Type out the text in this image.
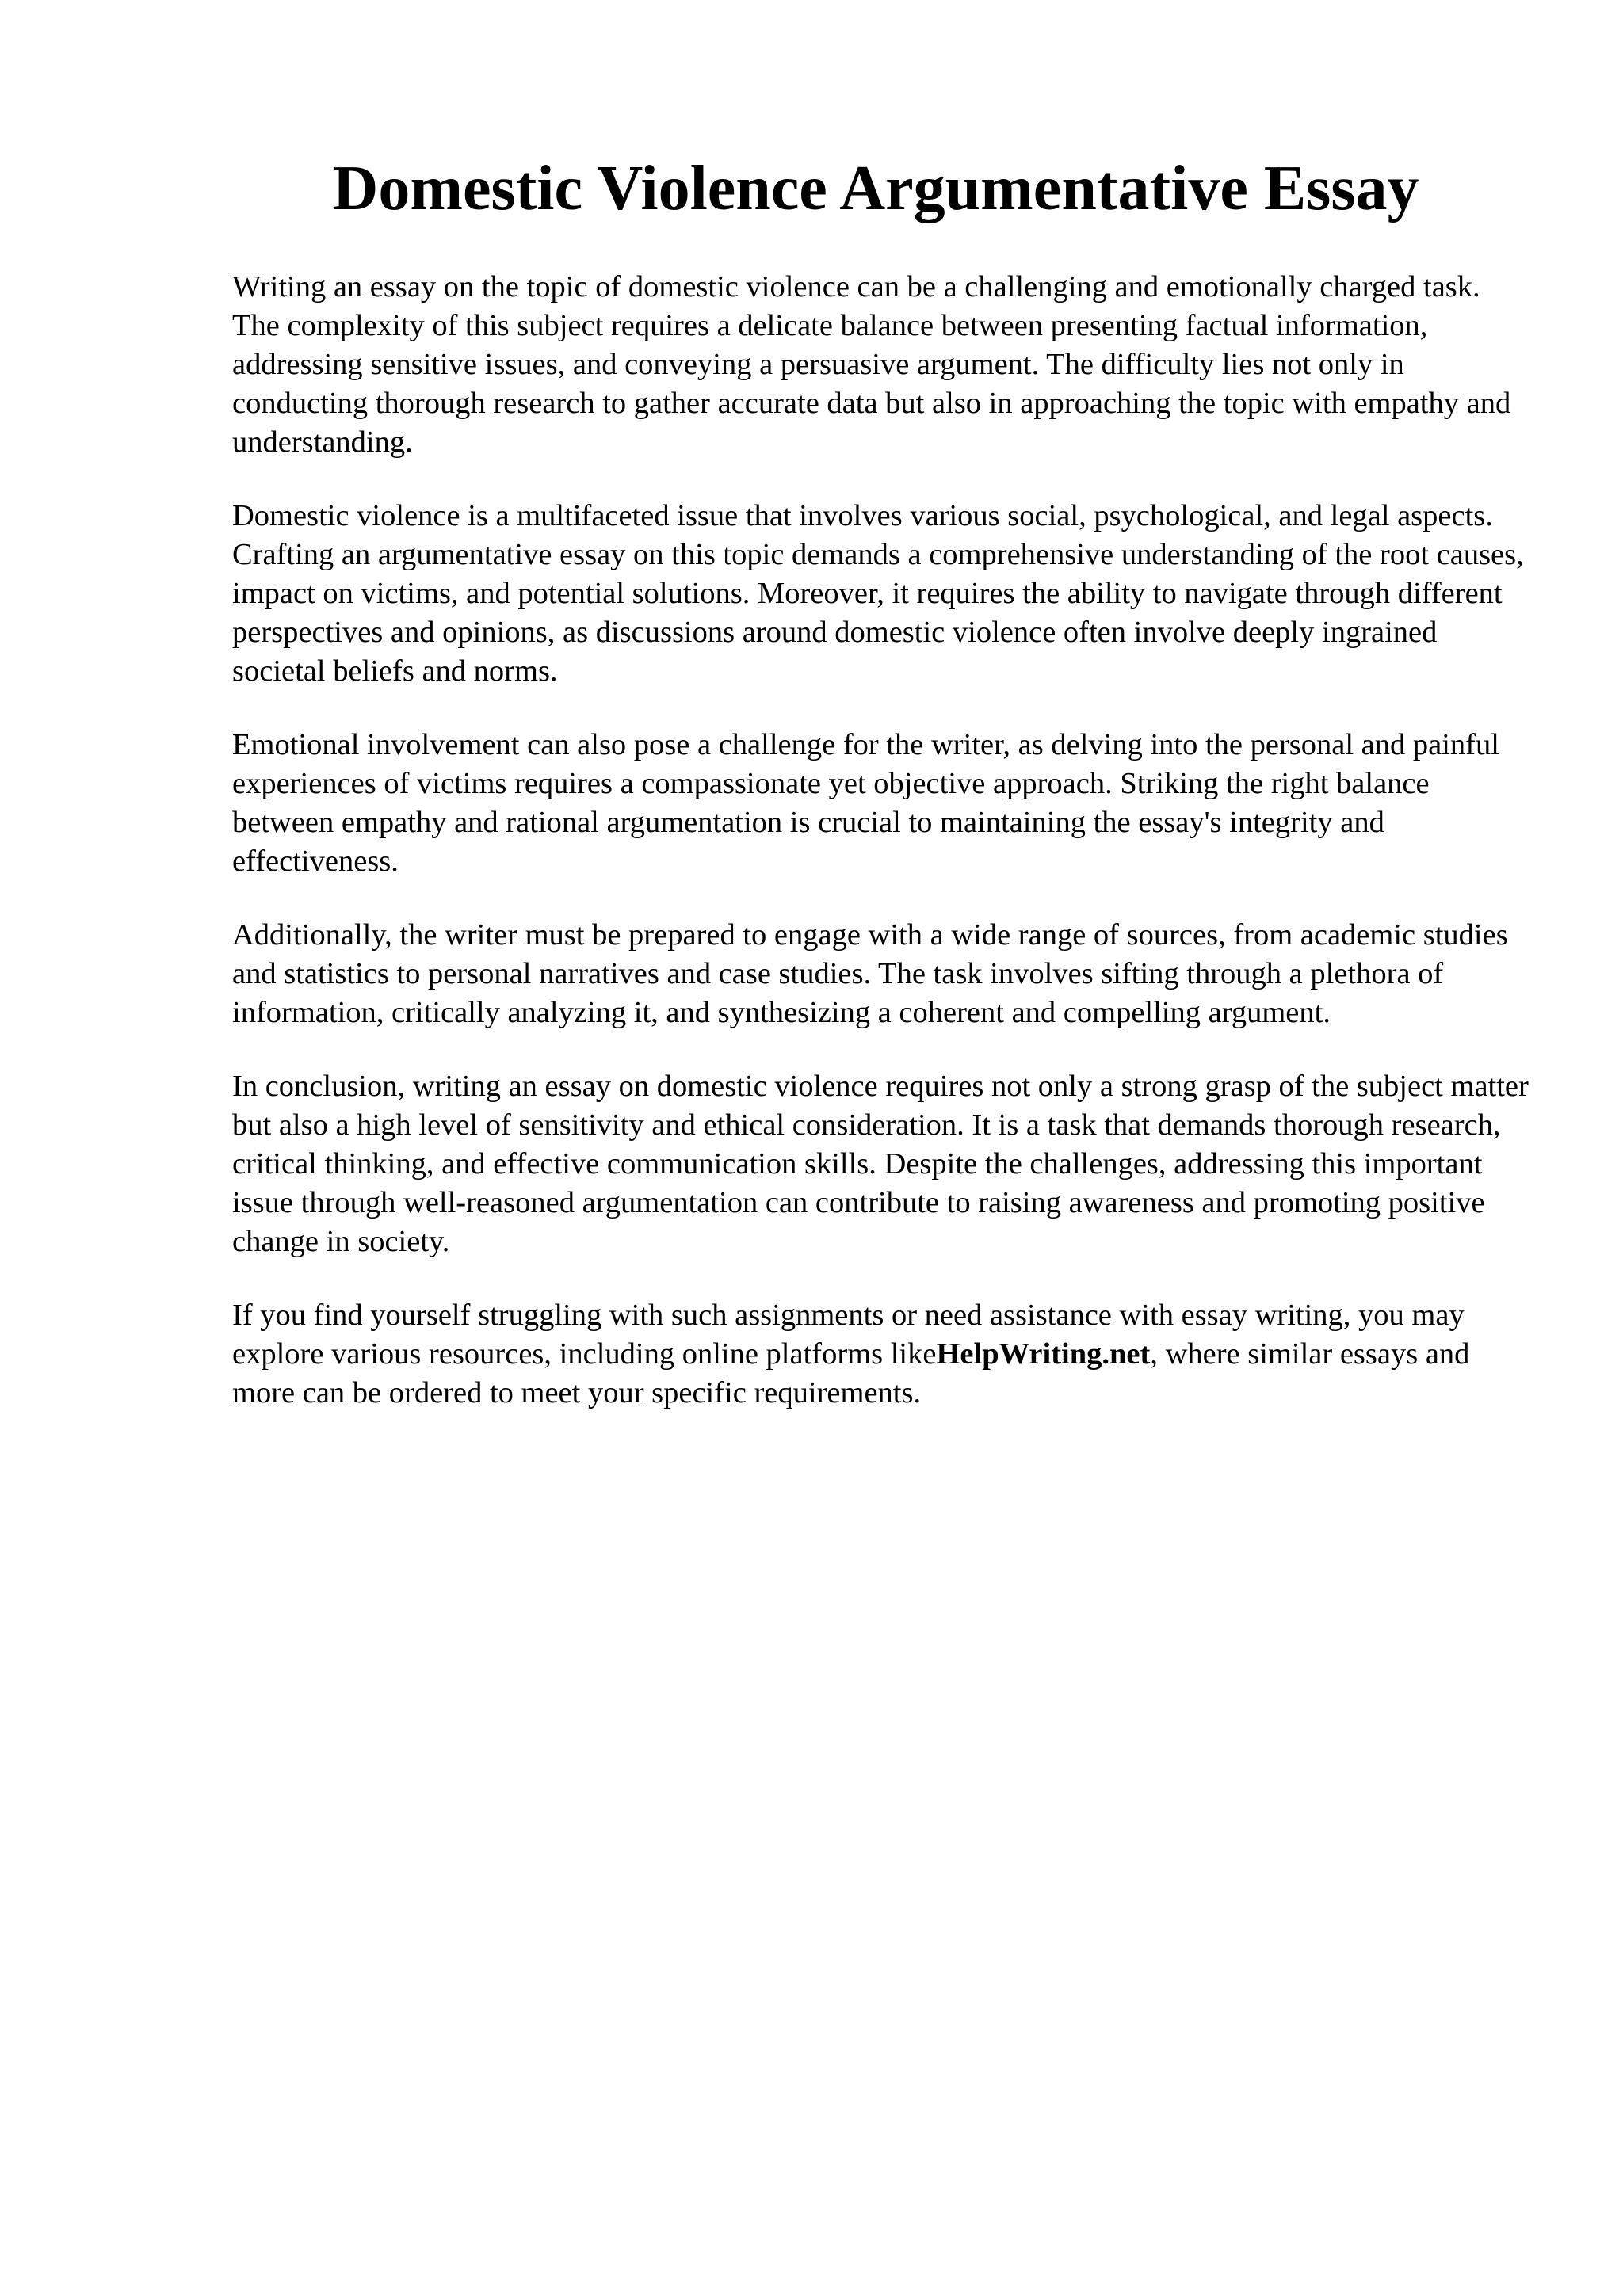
Domestic Violence Argumentative Essay

Writing an essay on the topic of domestic violence can be a challenging and emotionally charged task. The complexity of this subject requires a delicate balance between presenting factual information, addressing sensitive issues, and conveying a persuasive argument. The difficulty lies not only in conducting thorough research to gather accurate data but also in approaching the topic with empathy and understanding.

Domestic violence is a multifaceted issue that involves various social, psychological, and legal aspects. Crafting an argumentative essay on this topic demands a comprehensive understanding of the root causes, impact on victims, and potential solutions. Moreover, it requires the ability to navigate through different perspectives and opinions, as discussions around domestic violence often involve deeply ingrained societal beliefs and norms.

Emotional involvement can also pose a challenge for the writer, as delving into the personal and painful experiences of victims requires a compassionate yet objective approach. Striking the right balance between empathy and rational argumentation is crucial to maintaining the essay's integrity and effectiveness.

Additionally, the writer must be prepared to engage with a wide range of sources, from academic studies and statistics to personal narratives and case studies. The task involves sifting through a plethora of information, critically analyzing it, and synthesizing a coherent and compelling argument.

In conclusion, writing an essay on domestic violence requires not only a strong grasp of the subject matter but also a high level of sensitivity and ethical consideration. It is a task that demands thorough research, critical thinking, and effective communication skills. Despite the challenges, addressing this important issue through well-reasoned argumentation can contribute to raising awareness and promoting positive change in society.

If you find yourself struggling with such assignments or need assistance with essay writing, you may explore various resources, including online platforms likeHelpWriting.net, where similar essays and more can be ordered to meet your specific requirements.
